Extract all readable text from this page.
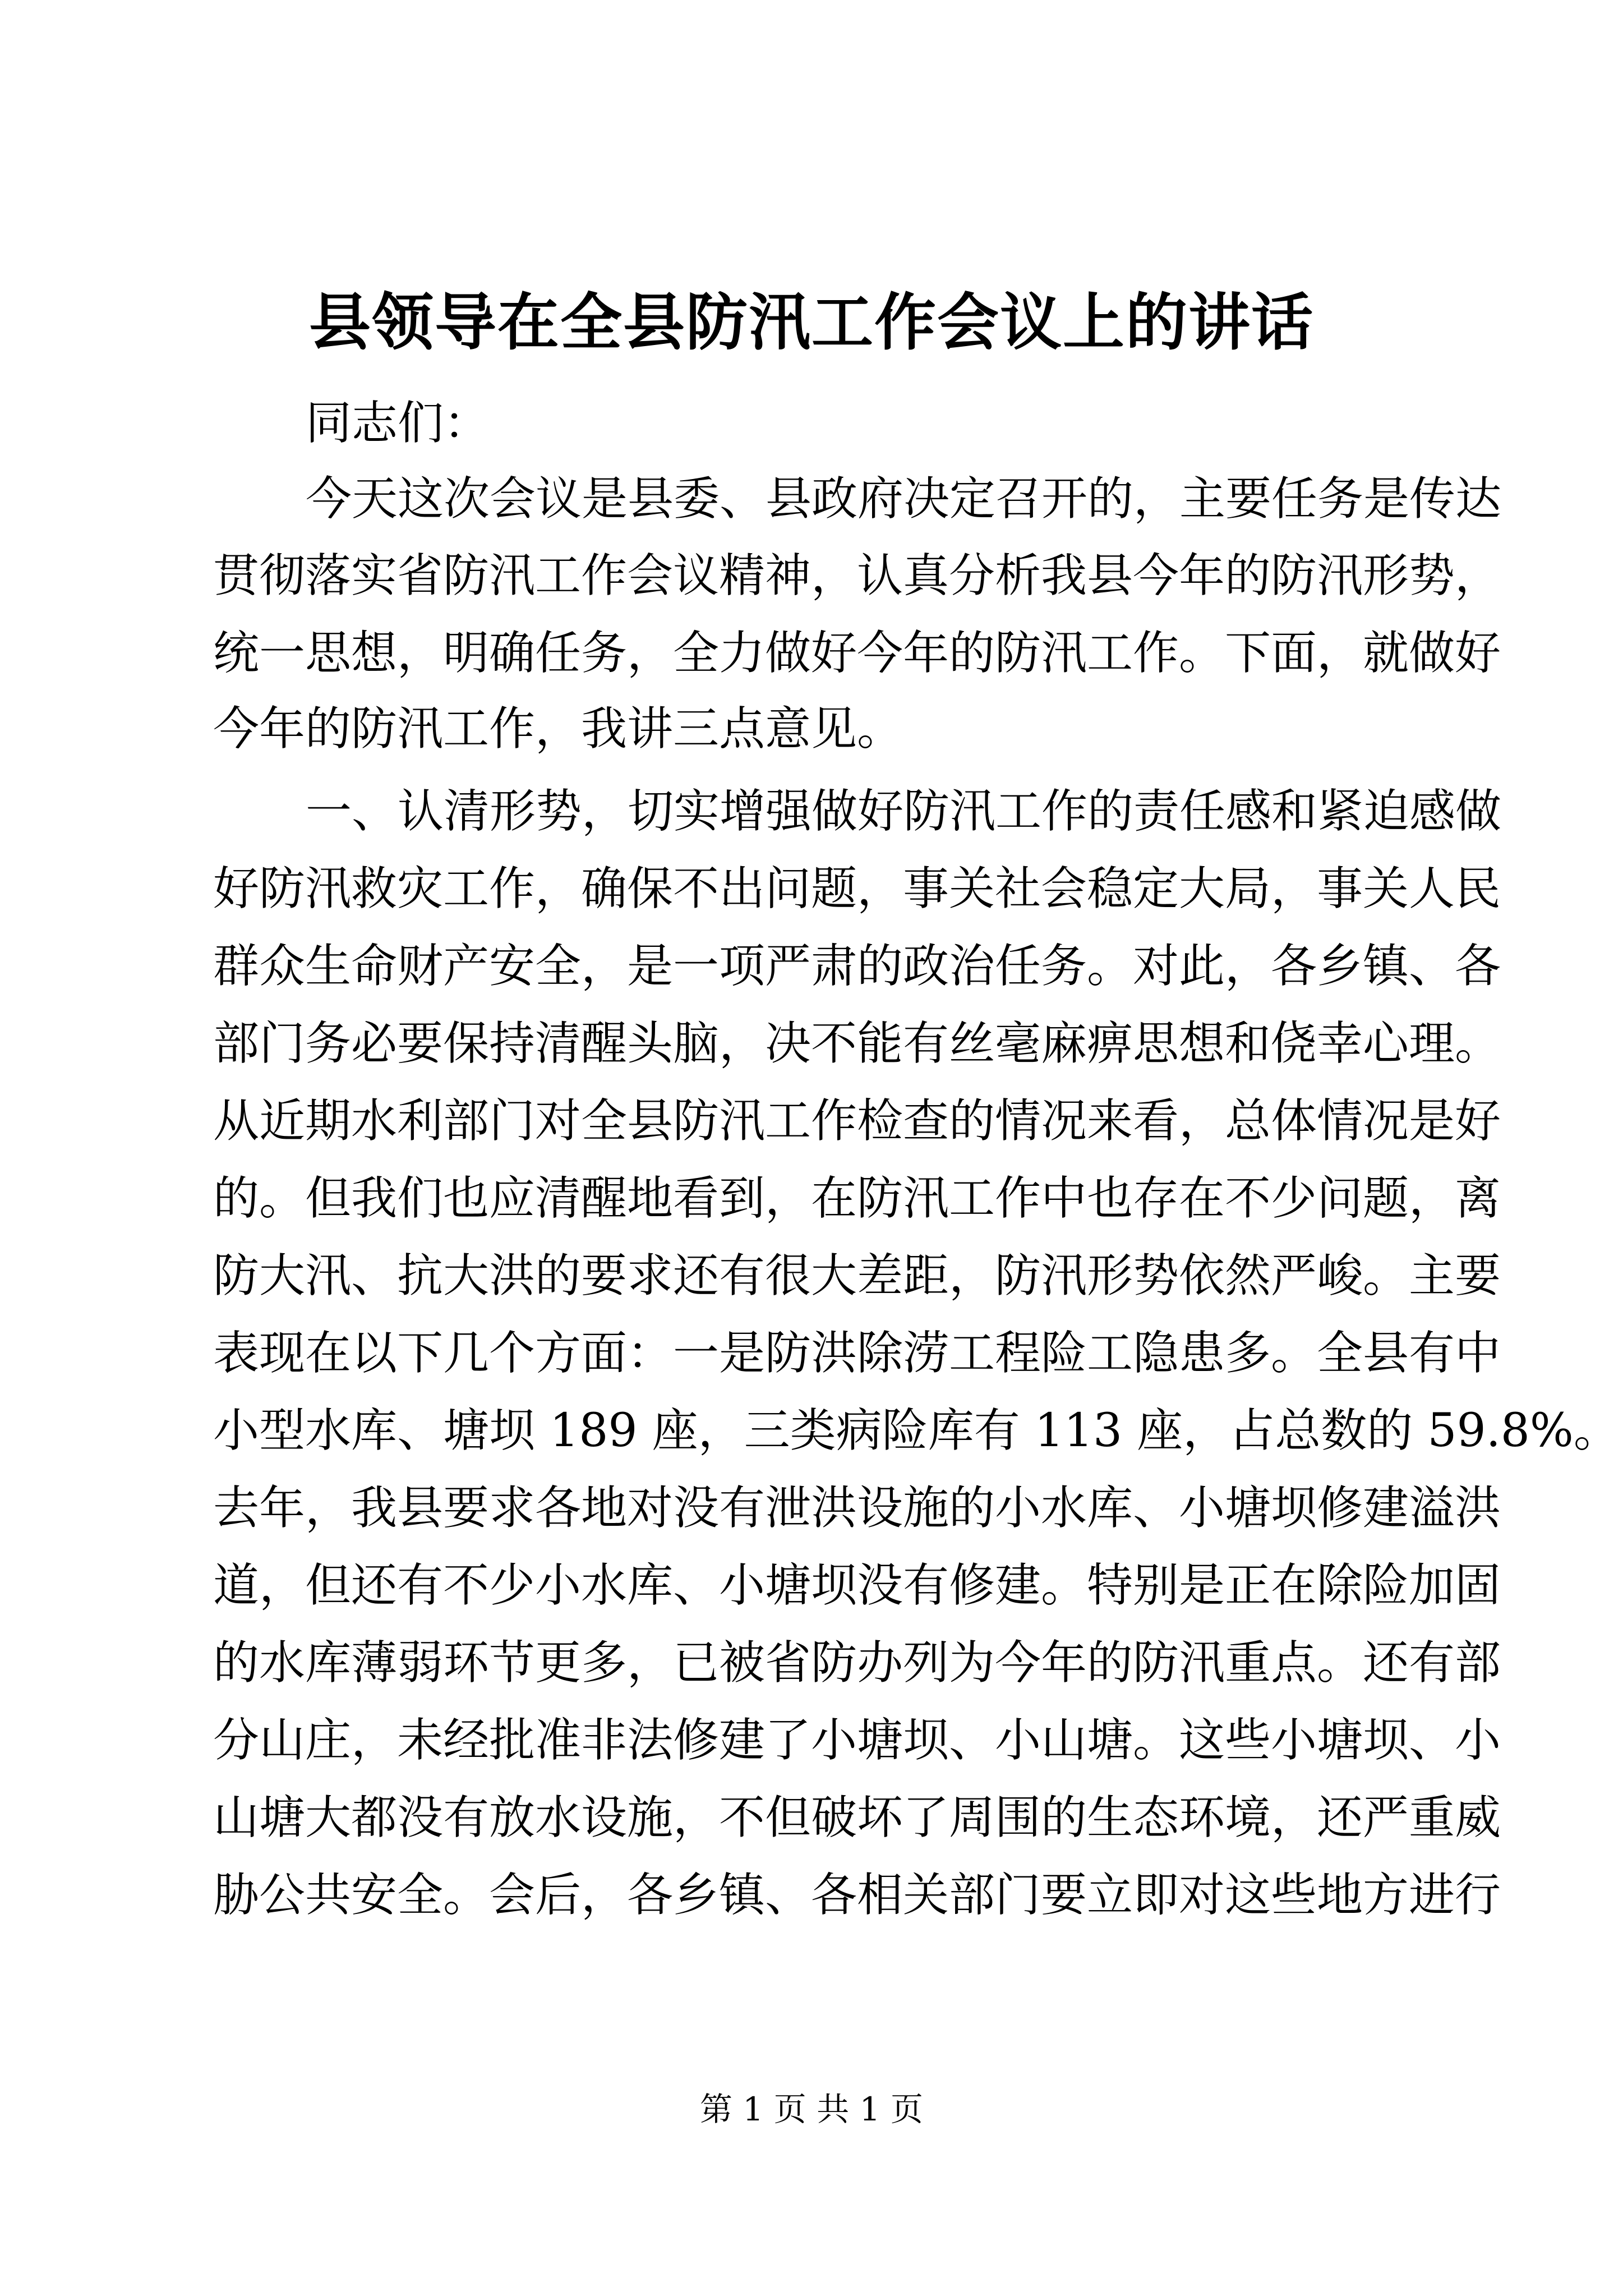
县领导在全县防汛工作会议上的讲话
同志们：
今天这次会议是县委、县政府决定召开的，主要任务是传达
贯彻落实省防汛工作会议精神，认真分析我县今年的防汛形势，
统一思想，明确任务，全力做好今年的防汛工作。下面，就做好
今年的防汛工作，我讲三点意见。
一、认清形势，切实增强做好防汛工作的责任感和紧迫感做
好防汛救灾工作，确保不出问题，事关社会稳定大局，事关人民
群众生命财产安全，是一项严肃的政治任务。对此，各乡镇、各
部门务必要保持清醒头脑，决不能有丝毫麻痹思想和侥幸心理。
从近期水利部门对全县防汛工作检查的情况来看，总体情况是好
的。但我们也应清醒地看到，在防汛工作中也存在不少问题，离
防大汛、抗大洪的要求还有很大差距，防汛形势依然严峻。主要
表现在以下几个方面：一是防洪除涝工程险工隐患多。全县有中
小型水库、塘坝 189 座，三类病险库有 113 座，占总数的 59.8%。
去年，我县要求各地对没有泄洪设施的小水库、小塘坝修建溢洪
道，但还有不少小水库、小塘坝没有修建。特别是正在除险加固
的水库薄弱环节更多，已被省防办列为今年的防汛重点。还有部
分山庄，未经批准非法修建了小塘坝、小山塘。这些小塘坝、小
山塘大都没有放水设施，不但破坏了周围的生态环境，还严重威
胁公共安全。会后，各乡镇、各相关部门要立即对这些地方进行
第 1 页 共 1 页
